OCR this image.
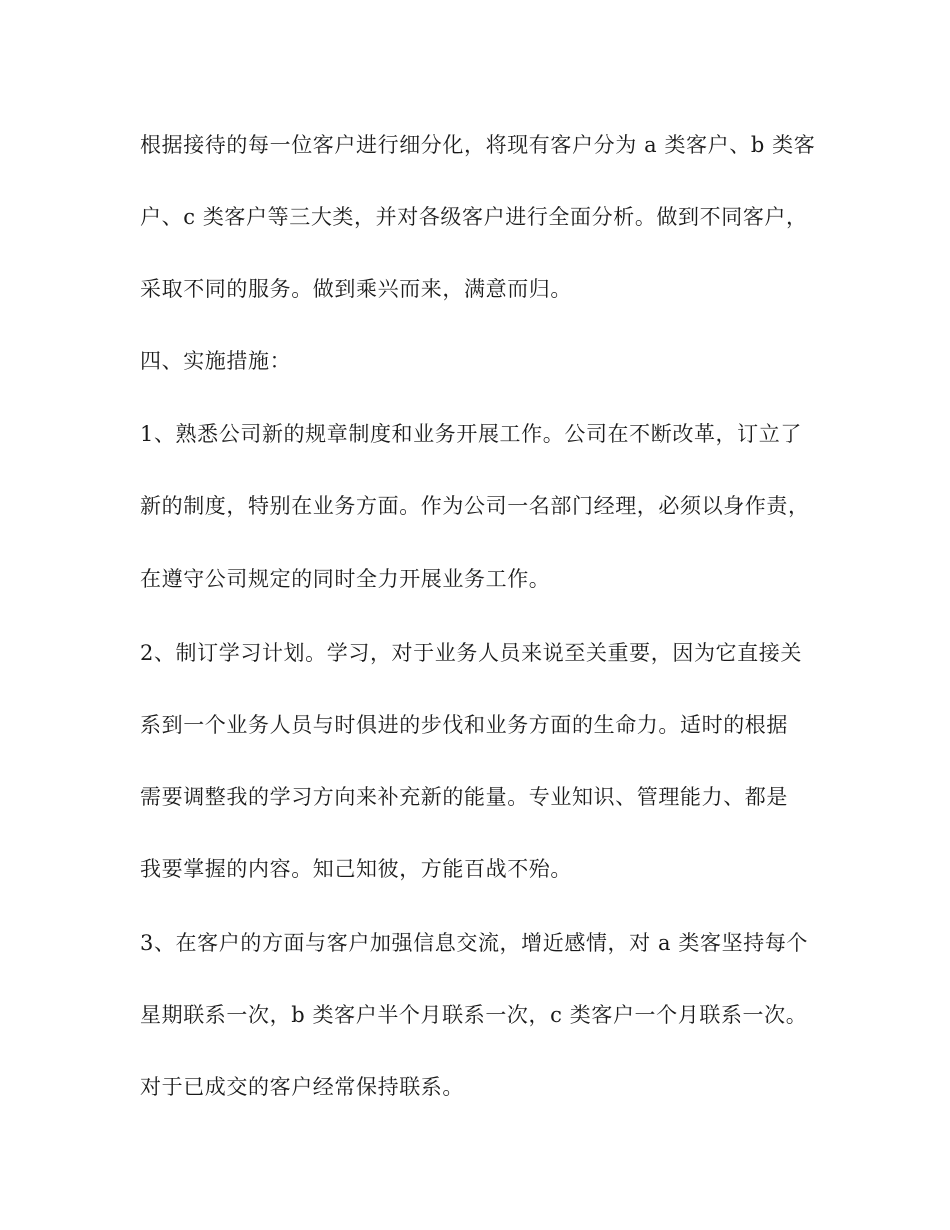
根据接待的每一位客户进行细分化，将现有客户分为 a 类客户、b 类客
户、c 类客户等三大类，并对各级客户进行全面分析。做到不同客户，
采取不同的服务。做到乘兴而来，满意而归。
四、实施措施：
1、熟悉公司新的规章制度和业务开展工作。公司在不断改革，订立了
新的制度，特别在业务方面。作为公司一名部门经理，必须以身作责，
在遵守公司规定的同时全力开展业务工作。
2、制订学习计划。学习，对于业务人员来说至关重要，因为它直接关
系到一个业务人员与时俱进的步伐和业务方面的生命力。适时的根据
需要调整我的学习方向来补充新的能量。专业知识、管理能力、都是
我要掌握的内容。知己知彼，方能百战不殆。
3、在客户的方面与客户加强信息交流，增近感情，对 a 类客坚持每个
星期联系一次，b 类客户半个月联系一次，c 类客户一个月联系一次。
对于已成交的客户经常保持联系。
